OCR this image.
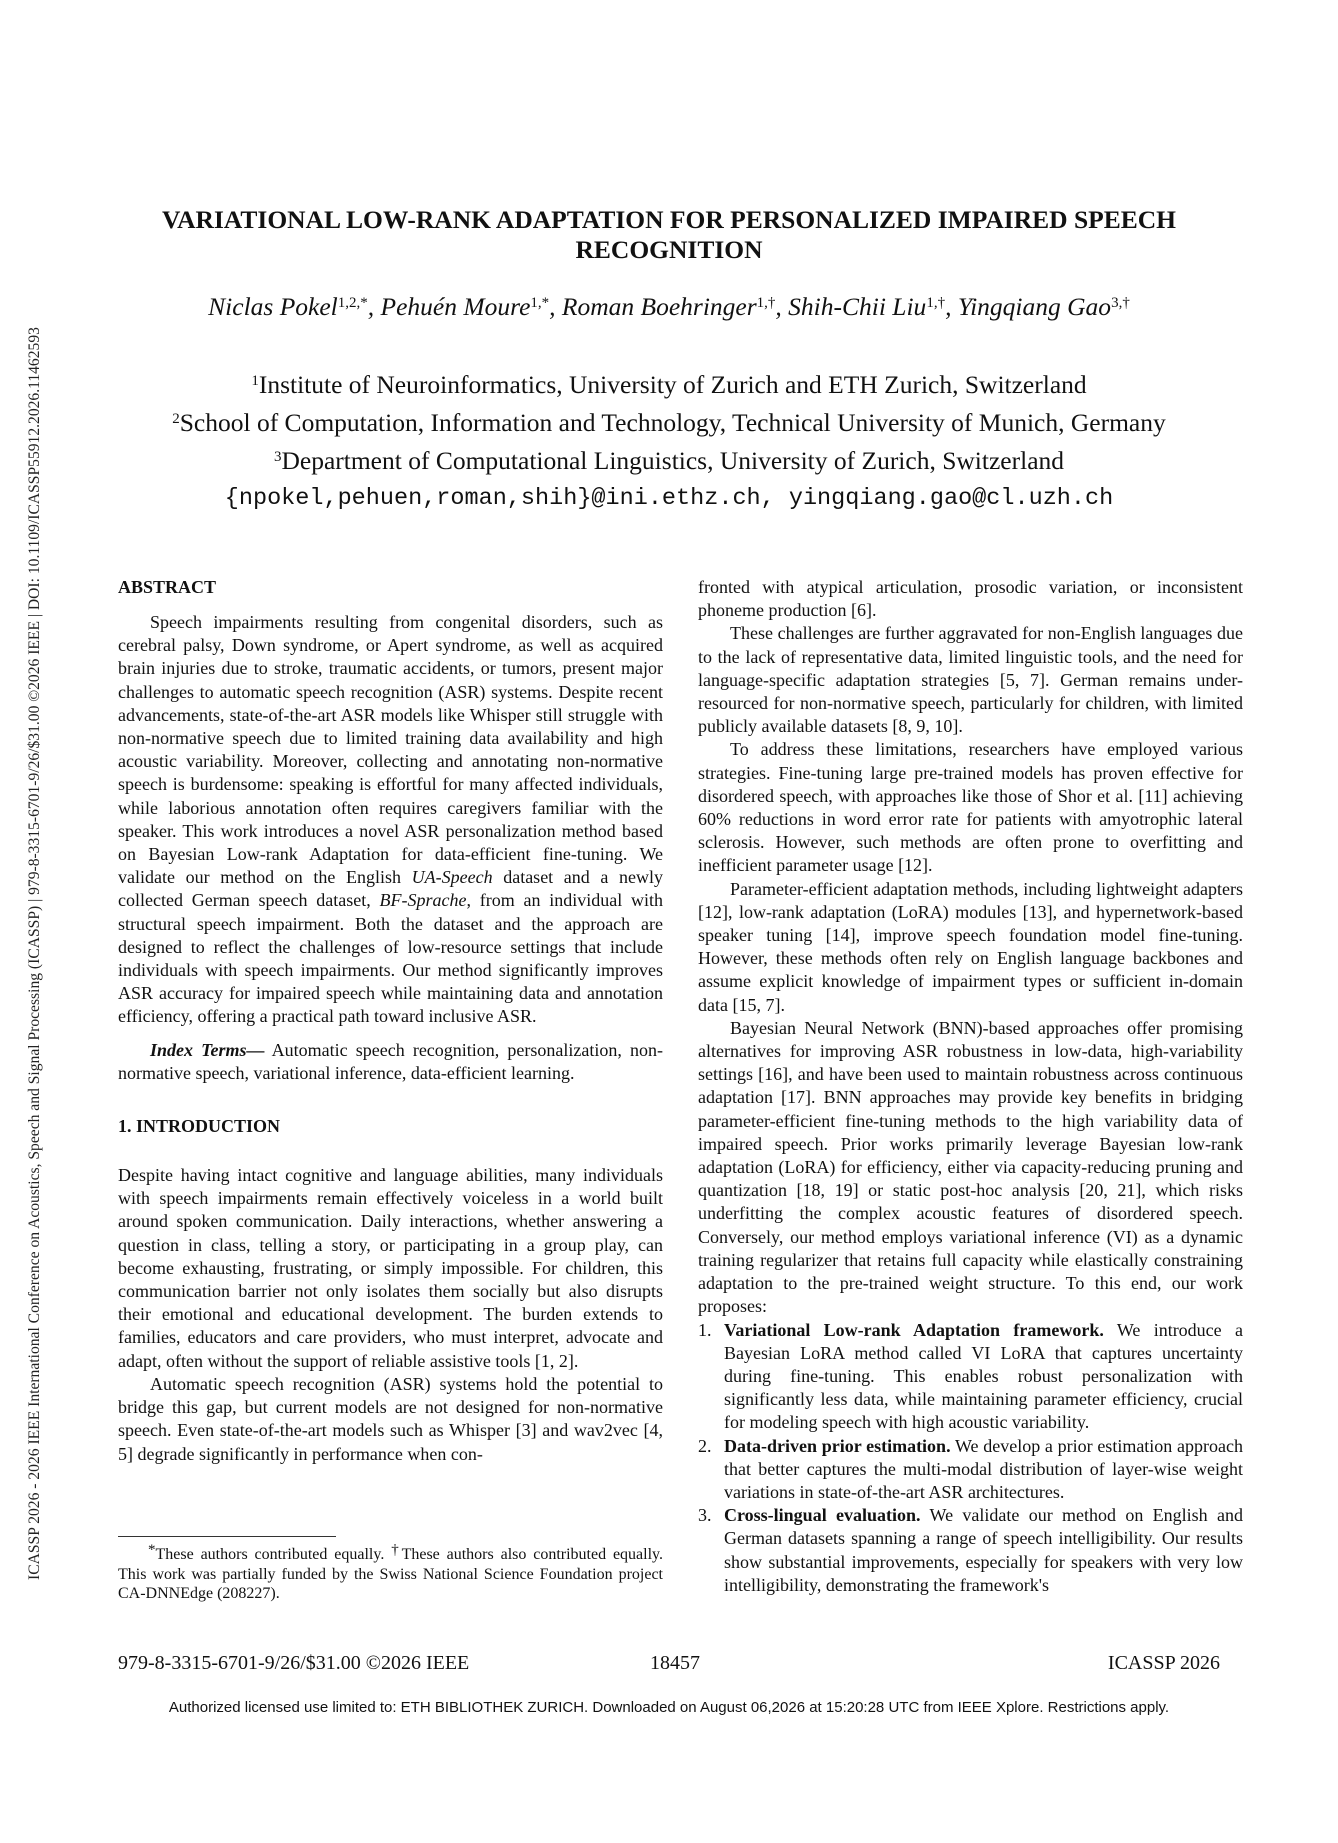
ICASSP 2026 - 2026 IEEE International Conference on Acoustics, Speech and Signal Processing (ICASSP) | 979-8-3315-6701-9/26/$31.00 ©2026 IEEE | DOI: 10.1109/ICASSP55912.2026.11462593
VARIATIONAL LOW-RANK ADAPTATION FOR PERSONALIZED IMPAIRED SPEECH
RECOGNITION
Niclas Pokel$^{1,2,*}$, Pehuén Moure$^{1,*}$, Roman Boehringer$^{1,\dagger}$, Shih-Chii Liu$^{1,\dagger}$, Yingqiang Gao$^{3,\dagger}$
$^1$Institute of Neuroinformatics, University of Zurich and ETH Zurich, Switzerland
$^2$School of Computation, Information and Technology, Technical University of Munich, Germany
$^3$Department of Computational Linguistics, University of Zurich, Switzerland
{npokel,pehuen,roman,shih}@ini.ethz.ch, yingqiang.gao@cl.uzh.ch

ABSTRACT

Speech impairments resulting from congenital disorders, such as cerebral palsy, Down syndrome, or Apert syndrome, as well as acquired brain injuries due to stroke, traumatic accidents, or tumors, present major challenges to automatic speech recognition (ASR) systems. Despite recent advancements, state-of-the-art ASR models like Whisper still struggle with non-normative speech due to limited training data availability and high acoustic variability. Moreover, collecting and annotating non-normative speech is burdensome: speaking is effortful for many affected individuals, while laborious annotation often requires caregivers familiar with the speaker. This work introduces a novel ASR personalization method based on Bayesian Low-rank Adaptation for data-efficient fine-tuning. We validate our method on the English UA-Speech dataset and a newly collected German speech dataset, BF-Sprache, from an individual with structural speech impairment. Both the dataset and the approach are designed to reflect the challenges of low-resource settings that include individuals with speech impairments. Our method significantly improves ASR accuracy for impaired speech while maintaining data and annotation efficiency, offering a practical path toward inclusive ASR.

Index Terms— Automatic speech recognition, personalization, non-normative speech, variational inference, data-efficient learning.

1. INTRODUCTION

Despite having intact cognitive and language abilities, many individuals with speech impairments remain effectively voiceless in a world built around spoken communication. Daily interactions, whether answering a question in class, telling a story, or participating in a group play, can become exhausting, frustrating, or simply impossible. For children, this communication barrier not only isolates them socially but also disrupts their emotional and educational development. The burden extends to families, educators and care providers, who must interpret, advocate and adapt, often without the support of reliable assistive tools [1, 2].

Automatic speech recognition (ASR) systems hold the potential to bridge this gap, but current models are not designed for non-normative speech. Even state-of-the-art models such as Whisper [3] and wav2vec [4, 5] degrade significantly in performance when con-

*These authors contributed equally. †These authors also contributed equally. This work was partially funded by the Swiss National Science Foundation project CA-DNNEdge (208227).

fronted with atypical articulation, prosodic variation, or inconsistent phoneme production [6].

These challenges are further aggravated for non-English languages due to the lack of representative data, limited linguistic tools, and the need for language-specific adaptation strategies [5, 7]. German remains under-resourced for non-normative speech, particularly for children, with limited publicly available datasets [8, 9, 10].

To address these limitations, researchers have employed various strategies. Fine-tuning large pre-trained models has proven effective for disordered speech, with approaches like those of Shor et al. [11] achieving 60% reductions in word error rate for patients with amyotrophic lateral sclerosis. However, such methods are often prone to overfitting and inefficient parameter usage [12].

Parameter-efficient adaptation methods, including lightweight adapters [12], low-rank adaptation (LoRA) modules [13], and hypernetwork-based speaker tuning [14], improve speech foundation model fine-tuning. However, these methods often rely on English language backbones and assume explicit knowledge of impairment types or sufficient in-domain data [15, 7].

Bayesian Neural Network (BNN)-based approaches offer promising alternatives for improving ASR robustness in low-data, high-variability settings [16], and have been used to maintain robustness across continuous adaptation [17]. BNN approaches may provide key benefits in bridging parameter-efficient fine-tuning methods to the high variability data of impaired speech. Prior works primarily leverage Bayesian low-rank adaptation (LoRA) for efficiency, either via capacity-reducing pruning and quantization [18, 19] or static post-hoc analysis [20, 21], which risks underfitting the complex acoustic features of disordered speech. Conversely, our method employs variational inference (VI) as a dynamic training regularizer that retains full capacity while elastically constraining adaptation to the pre-trained weight structure. To this end, our work proposes:

1. Variational Low-rank Adaptation framework. We introduce a Bayesian LoRA method called VI LoRA that captures uncertainty during fine-tuning. This enables robust personalization with significantly less data, while maintaining parameter efficiency, crucial for modeling speech with high acoustic variability.
2. Data-driven prior estimation. We develop a prior estimation approach that better captures the multi-modal distribution of layer-wise weight variations in state-of-the-art ASR architectures.
3. Cross-lingual evaluation. We validate our method on English and German datasets spanning a range of speech intelligibility. Our results show substantial improvements, especially for speakers with very low intelligibility, demonstrating the framework's
979-8-3315-6701-9/26/$31.00 ©2026 IEEE	18457	ICASSP 2026
Authorized licensed use limited to: ETH BIBLIOTHEK ZURICH. Downloaded on August 06,2026 at 15:20:28 UTC from IEEE Xplore. Restrictions apply.
